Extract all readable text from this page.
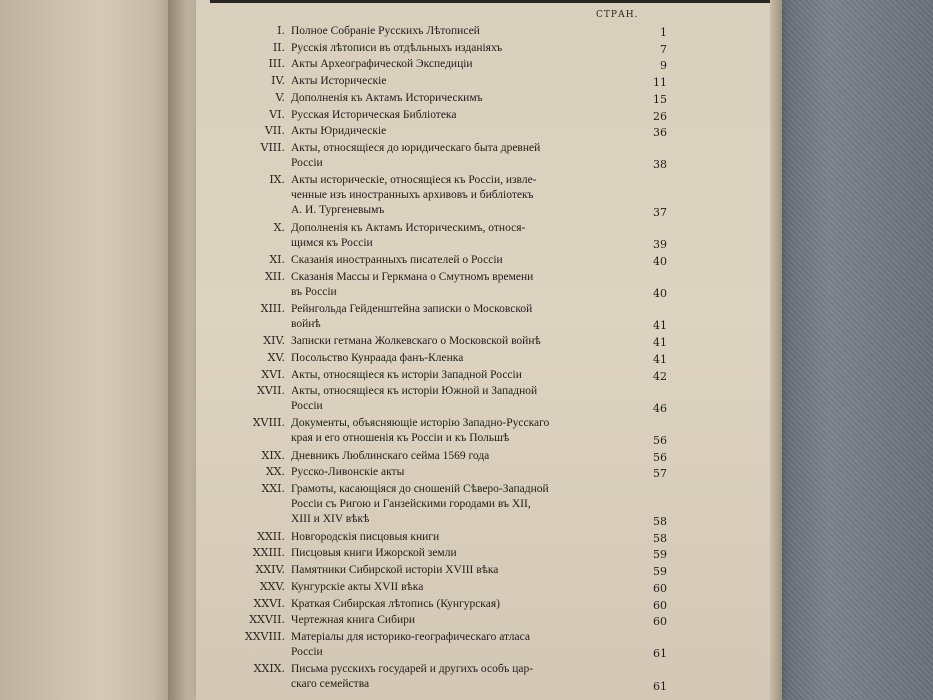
СТРАН.
I. Полное Собраніе Русскихъ Лѣтописей	1
II. Русскія лѣтописи въ отдѣльныхъ изданіяхъ	7
III. Акты Археографической Экспедиціи	9
IV. Акты Историческіе	11
V. Дополненія къ Актамъ Историческимъ	15
VI. Русская Историческая Библіотека	26
VII. Акты Юридическіе	36
VIII. Акты, относящіеся до юридическаго быта древней
Россіи	38
IX. Акты историческіе, относящіеся къ Россіи, извле-
ченные изъ иностранныхъ архивовъ и библіотекъ
А. И. Тургеневымъ	37
X. Дополненія къ Актамъ Историческимъ, относя-
щимся къ Россіи	39
XI. Сказанія иностранныхъ писателей о Россіи	40
XII. Сказанія Массы и Геркмана о Смутномъ времени
въ Россіи	40
XIII. Рейнгольда Гейденштейна записки о Московской
войнѣ	41
XIV. Записки гетмана Жолкевскаго о Московской войнѣ	41
XV. Посольство Кунраада фанъ-Кленка	41
XVI. Акты, относящіеся къ исторіи Западной Россіи	42
XVII. Акты, относящіеся къ исторіи Южной и Западной
Россіи	46
XVIII. Документы, объясняющіе исторію Западно-Русскаго
края и его отношенія къ Россіи и къ Польшѣ	56
XIX. Дневникъ Люблинскаго сейма 1569 года	56
XX. Русско-Ливонскіе акты	57
XXI. Грамоты, касающіяся до сношеній Сѣверо-Западной
Россіи съ Ригою и Ганзейскими городами въ XII,
XIII и XIV вѣкѣ	58
XXII. Новгородскія писцовыя книги	58
XXIII. Писцовыя книги Ижорской земли	59
XXIV. Памятники Сибирской исторіи XVIII вѣка	59
XXV. Кунгурскіе акты XVII вѣка	60
XXVI. Краткая Сибирская лѣтопись (Кунгурская)	60
XXVII. Чертежная книга Сибири	60
XXVIII. Матеріалы для историко-географическаго атласа
Россіи	61
XXIX. Письма русскихъ государей и другихъ особъ цар-
скаго семейства	61
